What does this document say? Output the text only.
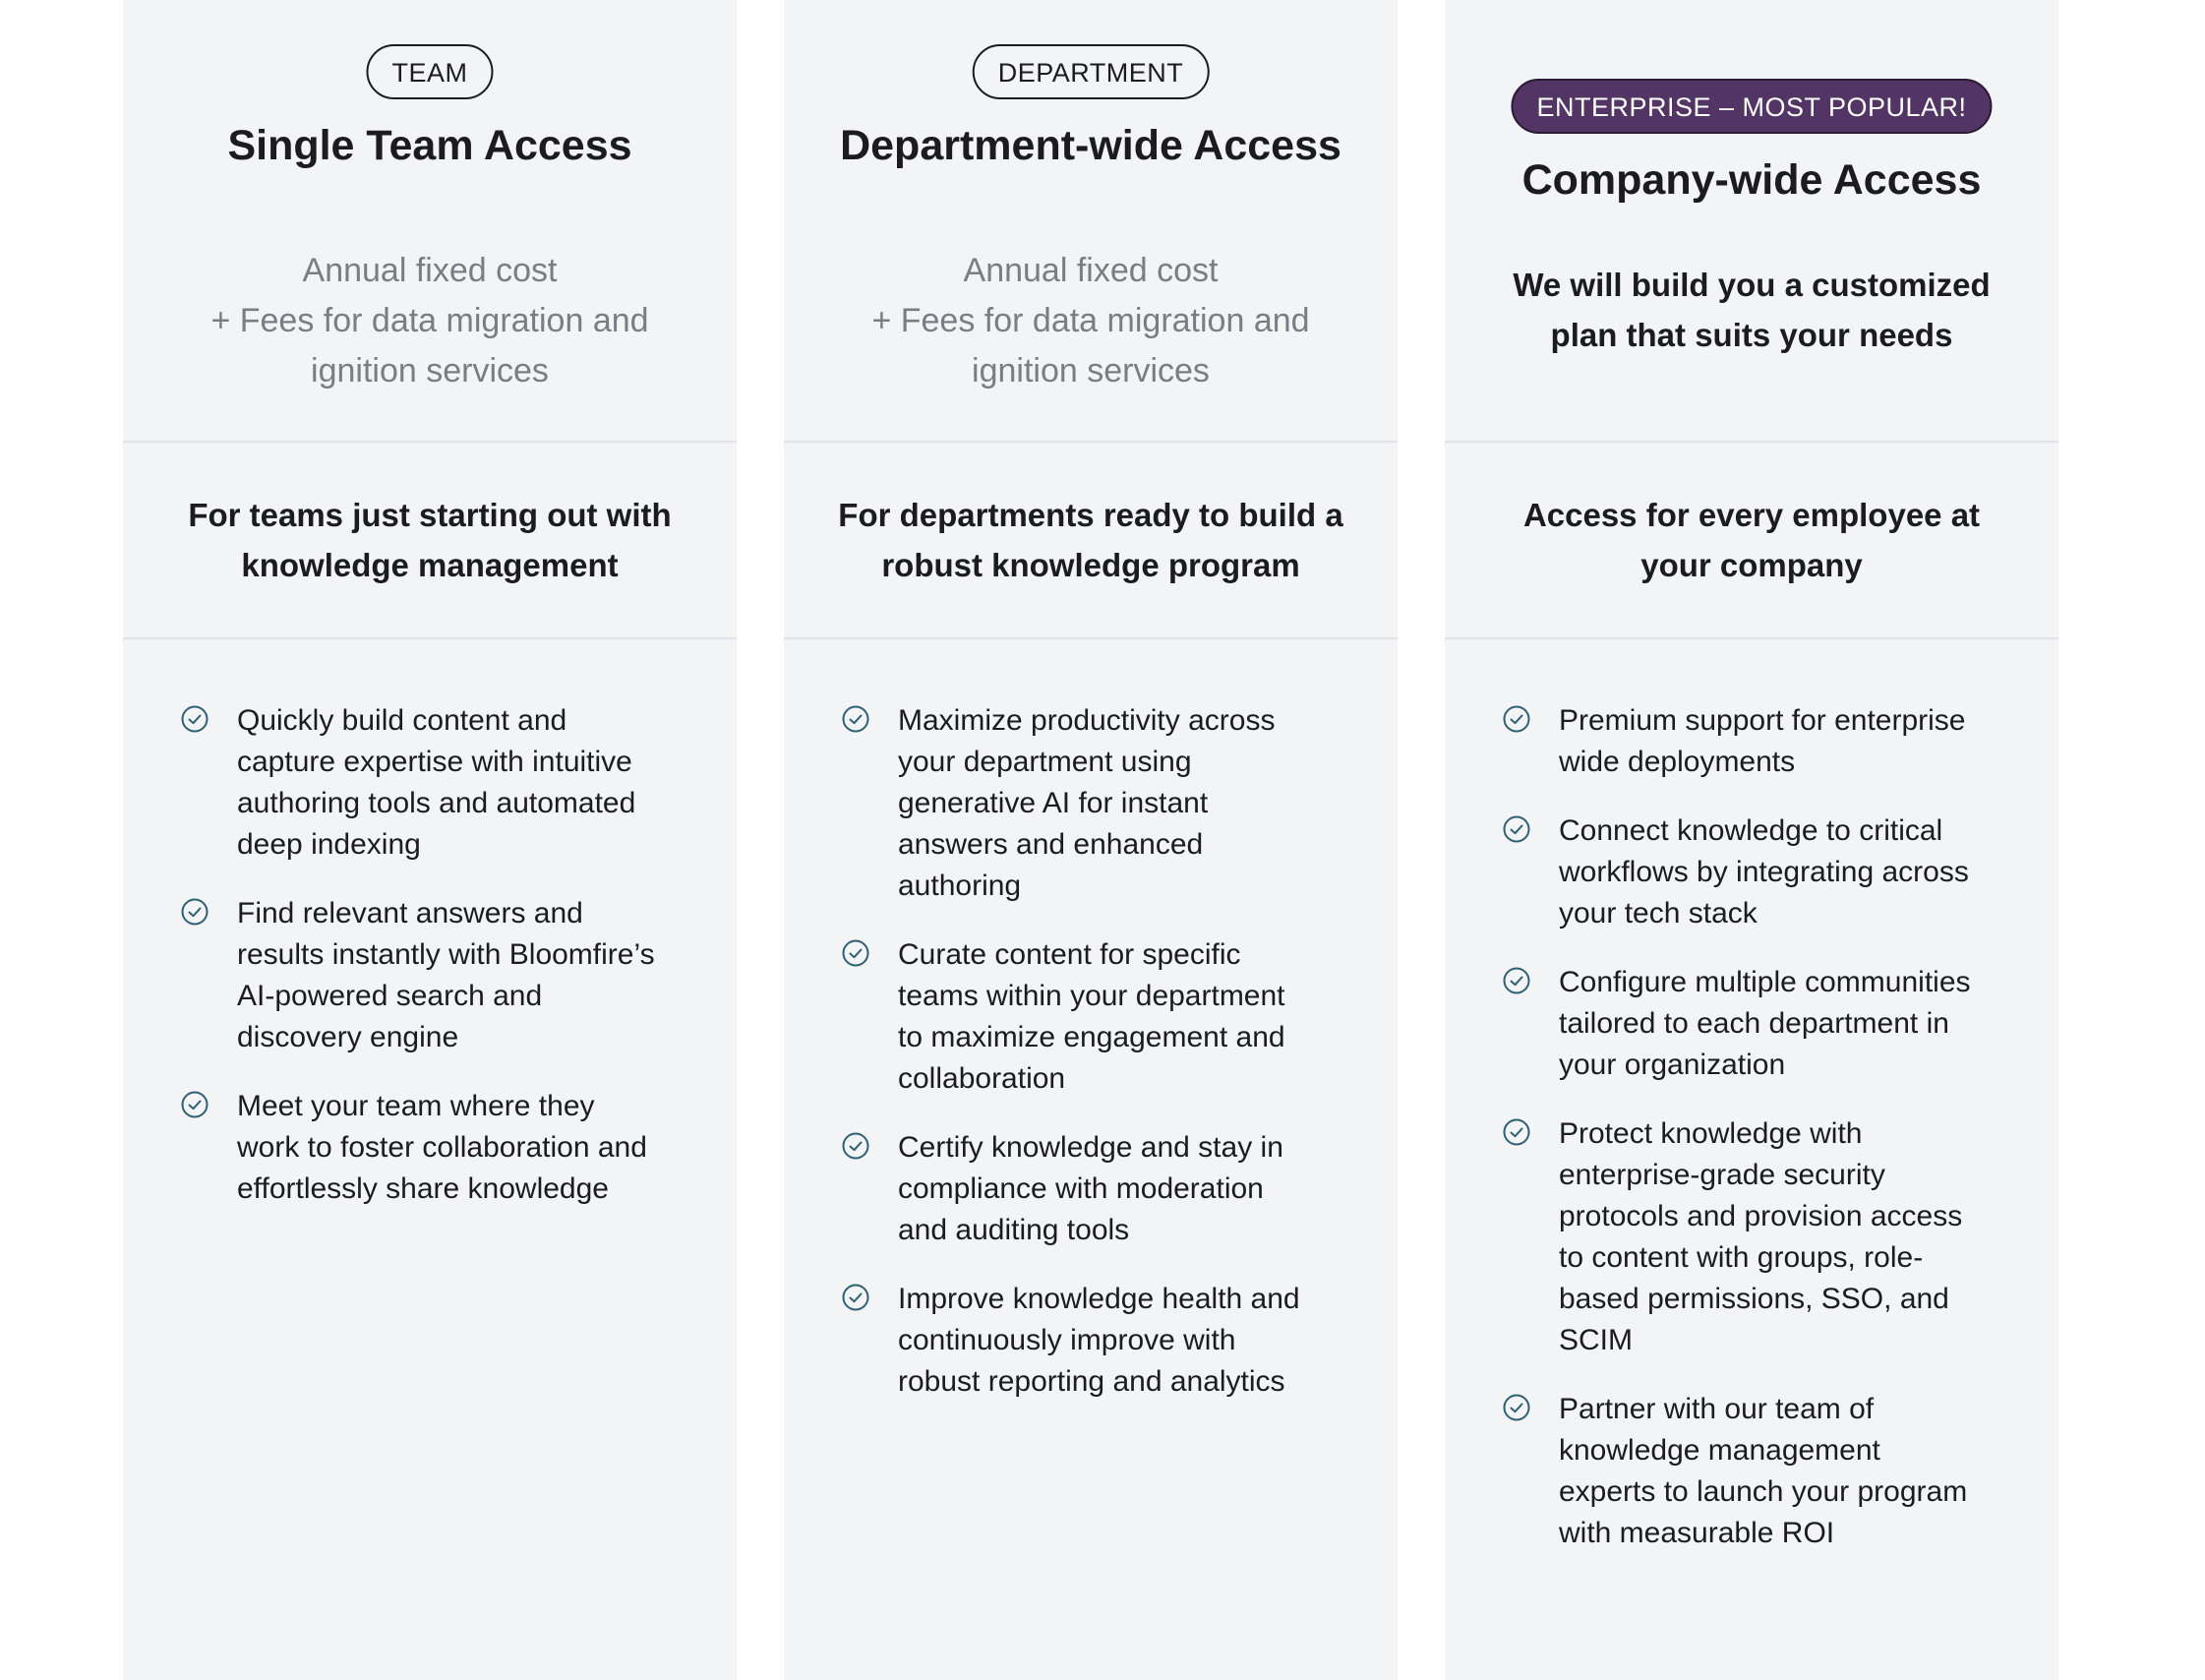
TEAM
Single Team Access
Annual fixed cost
+ Fees for data migration and
ignition services
For teams just starting out with
knowledge management
Quickly build content and
capture expertise with intuitive
authoring tools and automated
deep indexing
Find relevant answers and
results instantly with Bloomfire’s
AI-powered search and
discovery engine
Meet your team where they
work to foster collaboration and
effortlessly share knowledge
DEPARTMENT
Department-wide Access
Annual fixed cost
+ Fees for data migration and
ignition services
For departments ready to build a
robust knowledge program
Maximize productivity across
your department using
generative AI for instant
answers and enhanced
authoring
Curate content for specific
teams within your department
to maximize engagement and
collaboration
Certify knowledge and stay in
compliance with moderation
and auditing tools
Improve knowledge health and
continuously improve with
robust reporting and analytics
ENTERPRISE – MOST POPULAR!
Company-wide Access
We will build you a customized
plan that suits your needs
Access for every employee at
your company
Premium support for enterprise
wide deployments
Connect knowledge to critical
workflows by integrating across
your tech stack
Configure multiple communities
tailored to each department in
your organization
Protect knowledge with
enterprise-grade security
protocols and provision access
to content with groups, role-
based permissions, SSO, and
SCIM
Partner with our team of
knowledge management
experts to launch your program
with measurable ROI
